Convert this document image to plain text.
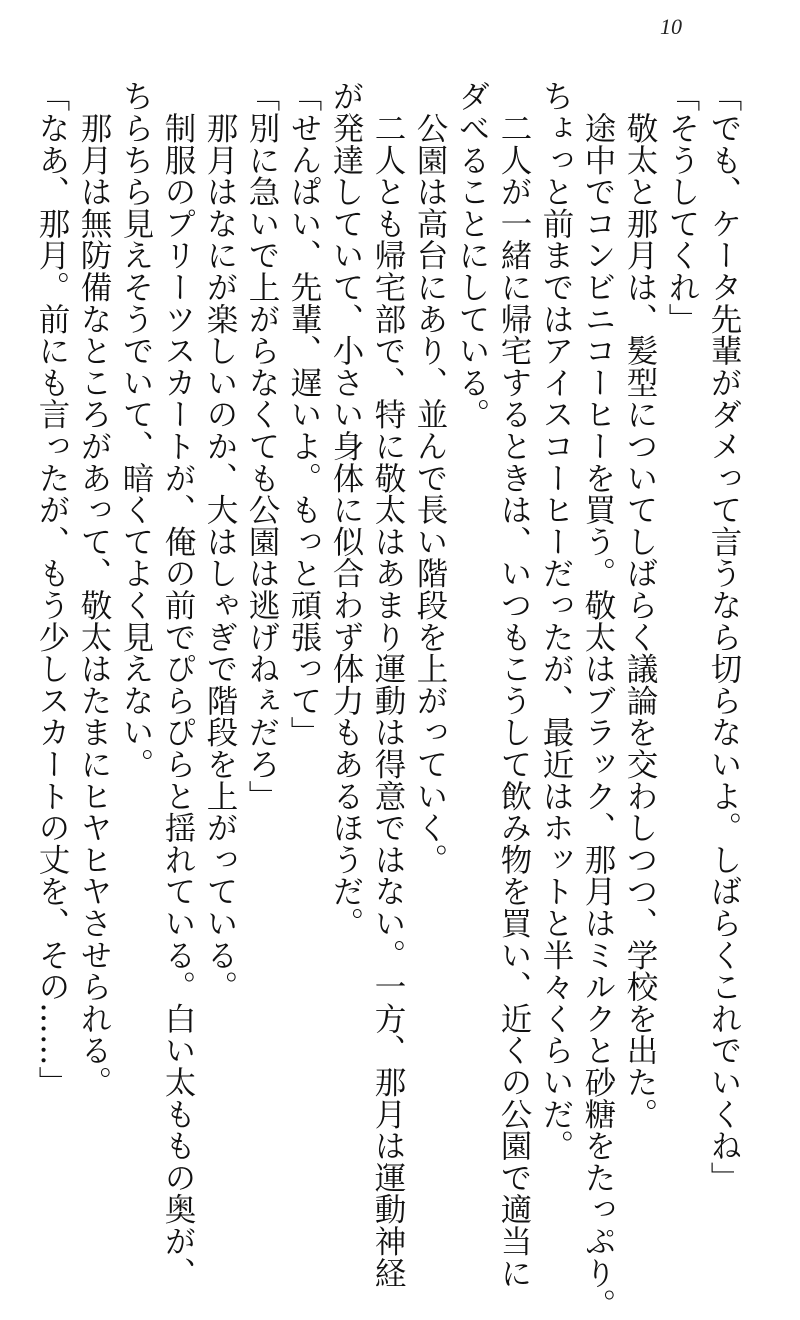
10
「でも、ケータ先輩がダメって言うなら切らないよ。しばらくこれでいくね」
「そうしてくれ」
　敬太と那月は、髪型についてしばらく議論を交わしつつ、学校を出た。
　途中でコンビニコーヒーを買う。敬太はブラック、那月はミルクと砂糖をたっぷり。
ちょっと前まではアイスコーヒーだったが、最近はホットと半々くらいだ。
　二人が一緒に帰宅するときは、いつもこうして飲み物を買い、近くの公園で適当に
ダべることにしている。
　公園は高台にあり、並んで長い階段を上がっていく。
　二人とも帰宅部で、特に敬太はあまり運動は得意ではない。一方、那月は運動神経
が発達していて、小さい身体に似合わず体力もあるほうだ。
「せんぱい、先輩、遅いよ。もっと頑張って」
「別に急いで上がらなくても公園は逃げねぇだろ」
　那月はなにが楽しいのか、大はしゃぎで階段を上がっている。
　制服のプリーツスカートが、俺の前でぴらぴらと揺れている。白い太ももの奥が、
ちらちら見えそうでいて、暗くてよく見えない。
　那月は無防備なところがあって、敬太はたまにヒヤヒヤさせられる。
「なあ、那月。前にも言ったが、もう少しスカートの丈を、その……」
